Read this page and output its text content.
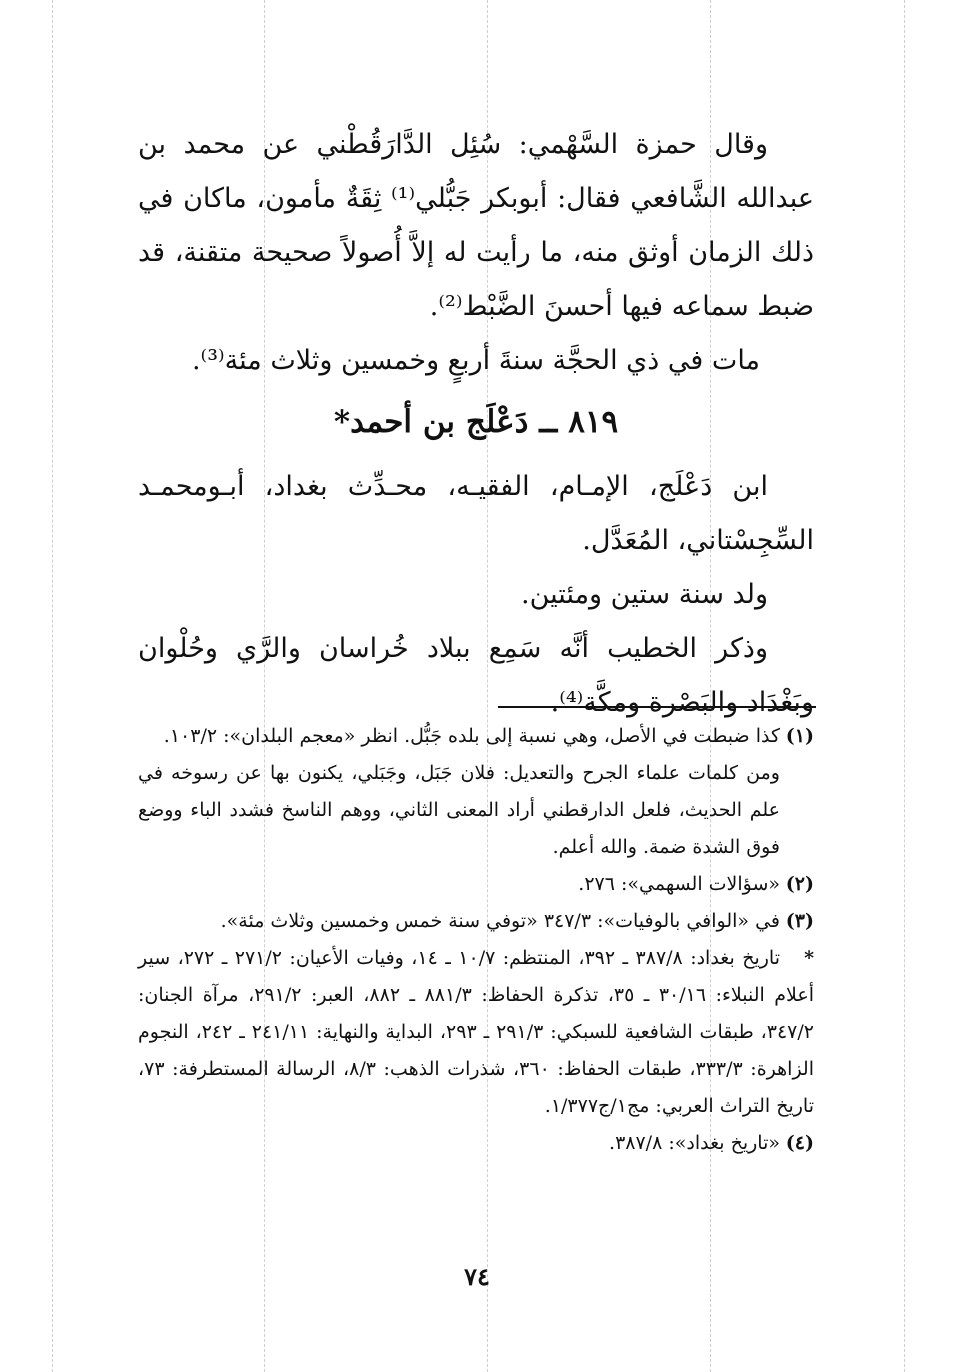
وقال حمزة السَّهْمي: سُئِل الدَّارَقُطْني عن محمد بن عبدالله الشَّافعي فقال: أبوبكر جَبُّلي⁽¹⁾ ثِقَةٌ مأمون، ماكان في ذلك الزمان أوثق منه، ما رأيت له إلاَّ أُصولاً صحيحة متقنة، قد ضبط سماعه فيها أحسنَ الضَّبْط⁽²⁾.

مات في ذي الحجَّة سنةَ أربعٍ وخمسين وثلاث مئة⁽³⁾.

٨١٩ ــ دَعْلَج بن أحمد*

ابن دَعْلَج، الإمـام، الفقيـه، محـدِّث بغداد، أبـومحمـد السِّجِسْتاني، المُعَدَّل.

ولد سنة ستين ومئتين.

وذكر الخطيب أنَّه سَمِع ببلاد خُراسان والرَّي وحُلْوان وبَغْدَاد والبَصْرة ومكَّة⁽⁴⁾.

(١)كذا ضبطت في الأصل، وهي نسبة إلى بلده جَبُّل. انظر «معجم البلدان»: ١٠٣/٢.

ومن كلمات علماء الجرح والتعديل: فلان جَبَل، وجَبَلي، يكنون بها عن رسوخه في علم الحديث، فلعل الدارقطني أراد المعنى الثاني، ووهم الناسخ فشدد الباء ووضع فوق الشدة ضمة. والله أعلم.

(٢)«سؤالات السهمي»: ٢٧٦.

(٣)في «الوافي بالوفيات»: ٣٤٧/٣ «توفي سنة خمس وخمسين وثلاث مئة».

*تاريخ بغداد: ٣٨٧/٨ ـ ٣٩٢، المنتظم: ١٠/٧ ـ ١٤، وفيات الأعيان: ٢٧١/٢ ـ ٢٧٢، سير أعلام النبلاء: ٣٠/١٦ ـ ٣٥، تذكرة الحفاظ: ٨٨١/٣ ـ ٨٨٢، العبر: ٢٩١/٢، مرآة الجنان: ٣٤٧/٢، طبقات الشافعية للسبكي: ٢٩١/٣ ـ ٢٩٣، البداية والنهاية: ٢٤١/١١ ـ ٢٤٢، النجوم الزاهرة: ٣٣٣/٣، طبقات الحفاظ: ٣٦٠، شذرات الذهب: ٨/٣، الرسالة المستطرفة: ٧٣، تاريخ التراث العربي: مج١/ج١/٣٧٧.

(٤)«تاريخ بغداد»: ٣٨٧/٨.

٧٤
